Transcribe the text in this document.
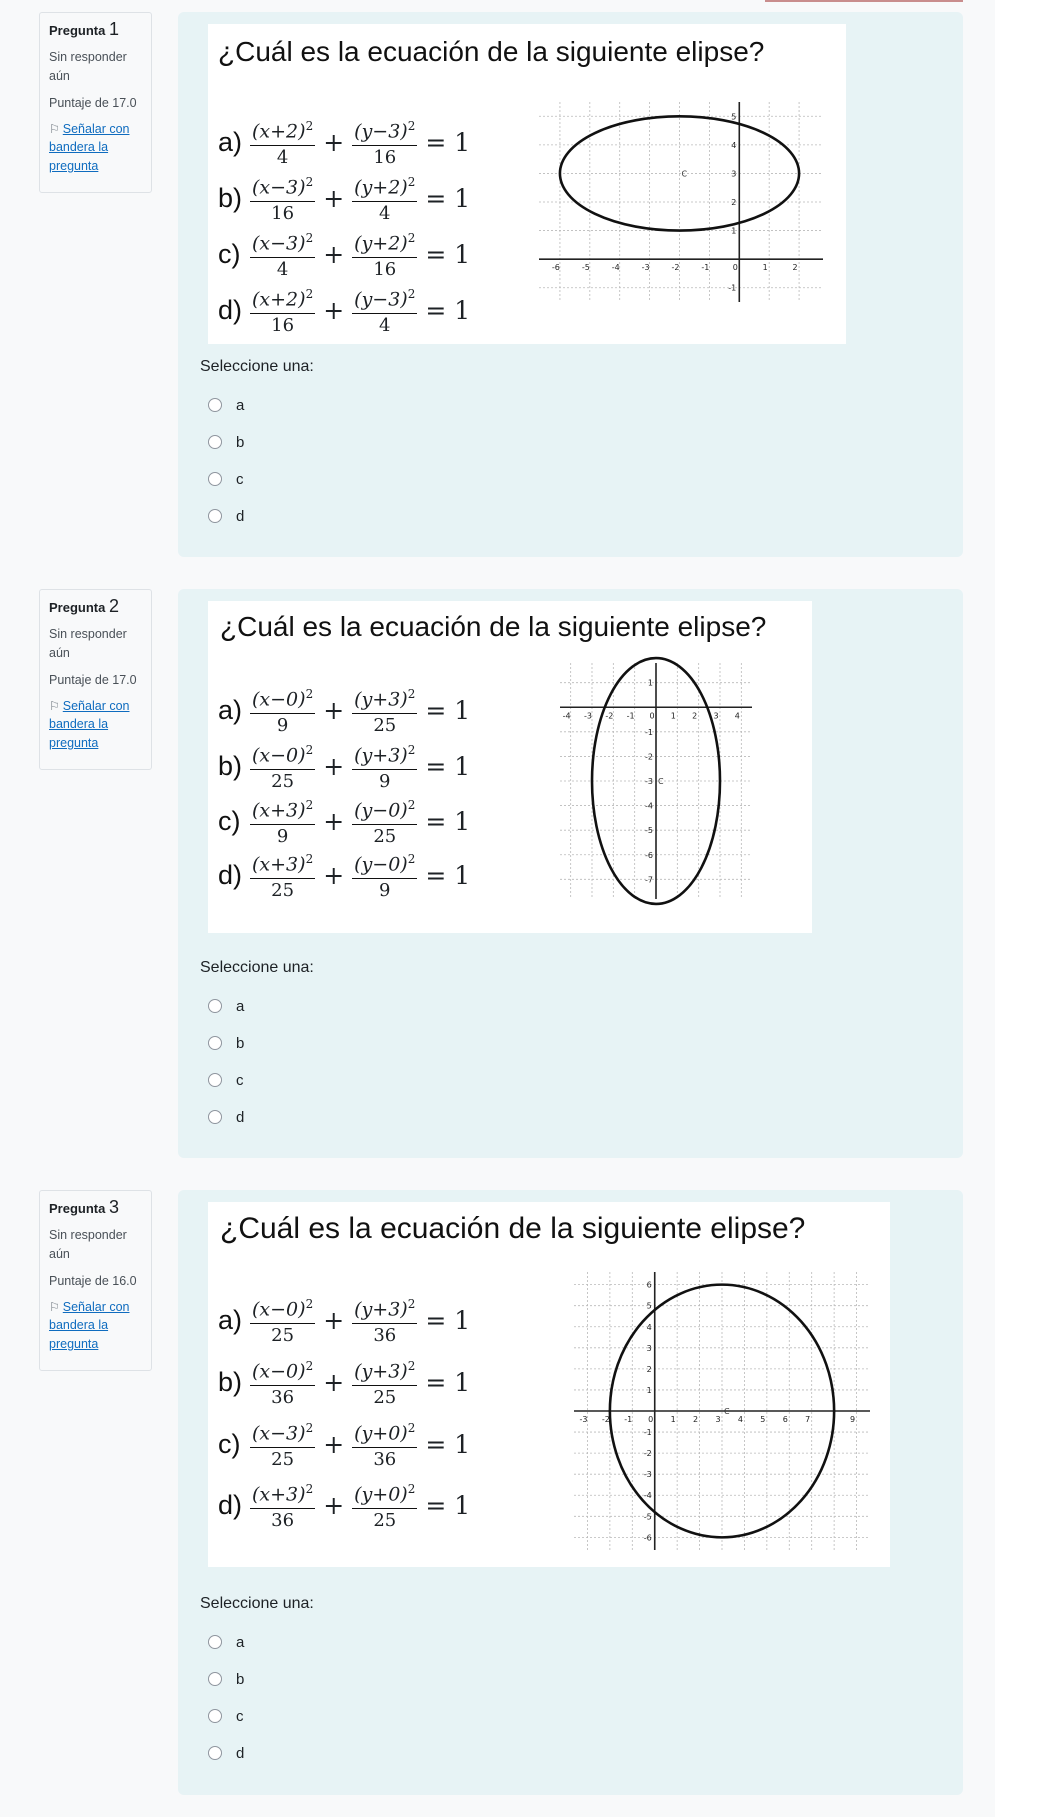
Pregunta 1
Sin responder aún
Puntaje de 17.0
⚐ Señalar con bandera la pregunta
¿Cuál es la ecuación de la siguiente elipse?
$a) \frac{(x+2)^2}{4} + \frac{(y-3)^2}{16} = 1$
$b) \frac{(x-3)^2}{16} + \frac{(y+2)^2}{4} = 1$
$c) \frac{(x-3)^2}{4} + \frac{(y+2)^2}{16} = 1$
$d) \frac{(x+2)^2}{16} + \frac{(y-3)^2}{4} = 1$
-6	-5	-4	-3	-2	-1	0	1	2
5
4
3
2
1
-1
C
Seleccione una:
a
b
c
d
Pregunta 2
Sin responder aún
Puntaje de 17.0
⚐ Señalar con bandera la pregunta
¿Cuál es la ecuación de la siguiente elipse?
$a) \frac{(x-0)^2}{9} + \frac{(y+3)^2}{25} = 1$
$b) \frac{(x-0)^2}{25} + \frac{(y+3)^2}{9} = 1$
$c) \frac{(x+3)^2}{9} + \frac{(y-0)^2}{25} = 1$
$d) \frac{(x+3)^2}{25} + \frac{(y-0)^2}{9} = 1$
-4 -3 -2 -1 0 1 2 3 4
1
-1
-2
-3
-4
-5
-6
-7
C
Seleccione una:
a
b
c
d
Pregunta 3
Sin responder aún
Puntaje de 16.0
⚐ Señalar con bandera la pregunta
¿Cuál es la ecuación de la siguiente elipse?
$a) \frac{(x-0)^2}{25} + \frac{(y+3)^2}{36} = 1$
$b) \frac{(x-0)^2}{36} + \frac{(y+3)^2}{25} = 1$
$c) \frac{(x-3)^2}{25} + \frac{(y+0)^2}{36} = 1$
$d) \frac{(x+3)^2}{36} + \frac{(y+0)^2}{25} = 1$
-3 -2 -1 0 1 2 3 4 5 6 7	9
6
5
4
3
2
1
-1
-2
-3
-4
-5
-6
C
Seleccione una:
a
b
c
d
